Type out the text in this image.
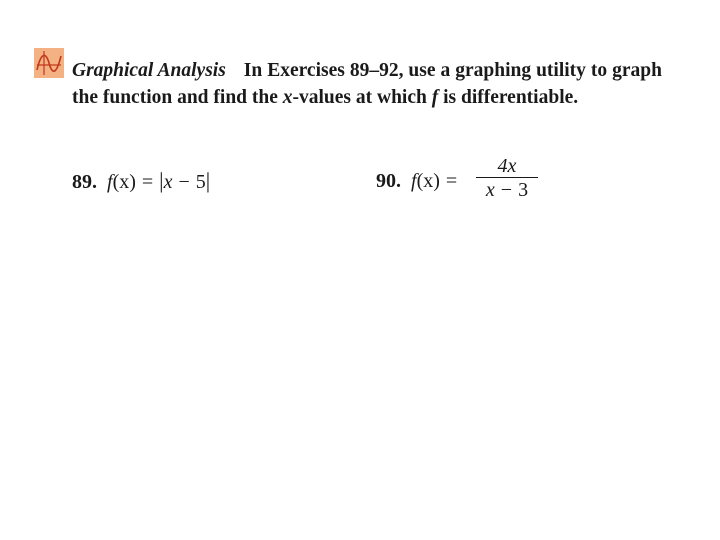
Graphical Analysis In Exercises 89–92, use a graphing utility to graph the function and find the x-values at which f is differentiable.
89. f(x) = |x − 5|	90. f(x) =
4x
x − 3
